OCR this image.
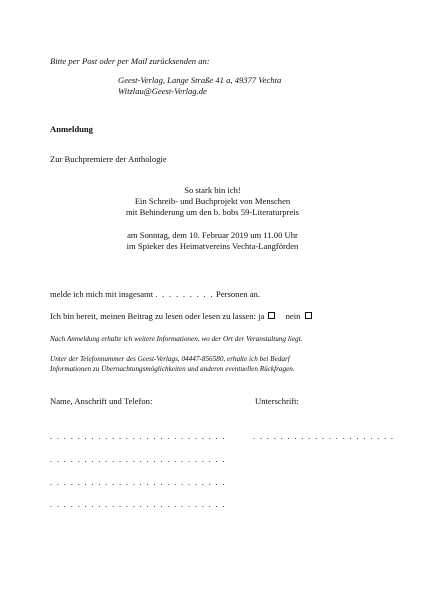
Bitte per Post oder per Mail zurücksenden an:
Geest-Verlag, Lange Straße 41 a, 49377 Vechta
Witzlau@Geest-Verlag.de
Anmeldung
Zur Buchpremiere der Anthologie
So stark bin ich!
Ein Schreib- und Buchprojekt von Menschen
mit Behinderung um den b. bobs 59-Literaturpreis
am Sonntag, dem 10. Februar 2019 um 11.00 Uhr
im Spieker des Heimatvereins Vechta-Langförden
melde ich mich mit insgesamt . . . . . . . . . Personen an.
Ich bin bereit, meinen Beitrag zu lesen oder lesen zu lassen: ja nein
Nach Anmeldung erhalte ich weitere Informationen, wo der Ort der Veranstaltung liegt.
Unter der Telefonnummer des Geest-Verlags, 04447-856580, erhalte ich bei Bedarf
Informationen zu Übernachtungsmöglichkeiten und anderen eventuellen Rückfragen.
Name, Anschrift und Telefon:	Unterschrift:
. . . . . . . . . . . . . . . . . . . . . . . . . .	. . . . . . . . . . . . . . . . . . . . .
. . . . . . . . . . . . . . . . . . . . . . . . . .
. . . . . . . . . . . . . . . . . . . . . . . . . .
. . . . . . . . . . . . . . . . . . . . . . . . . .
